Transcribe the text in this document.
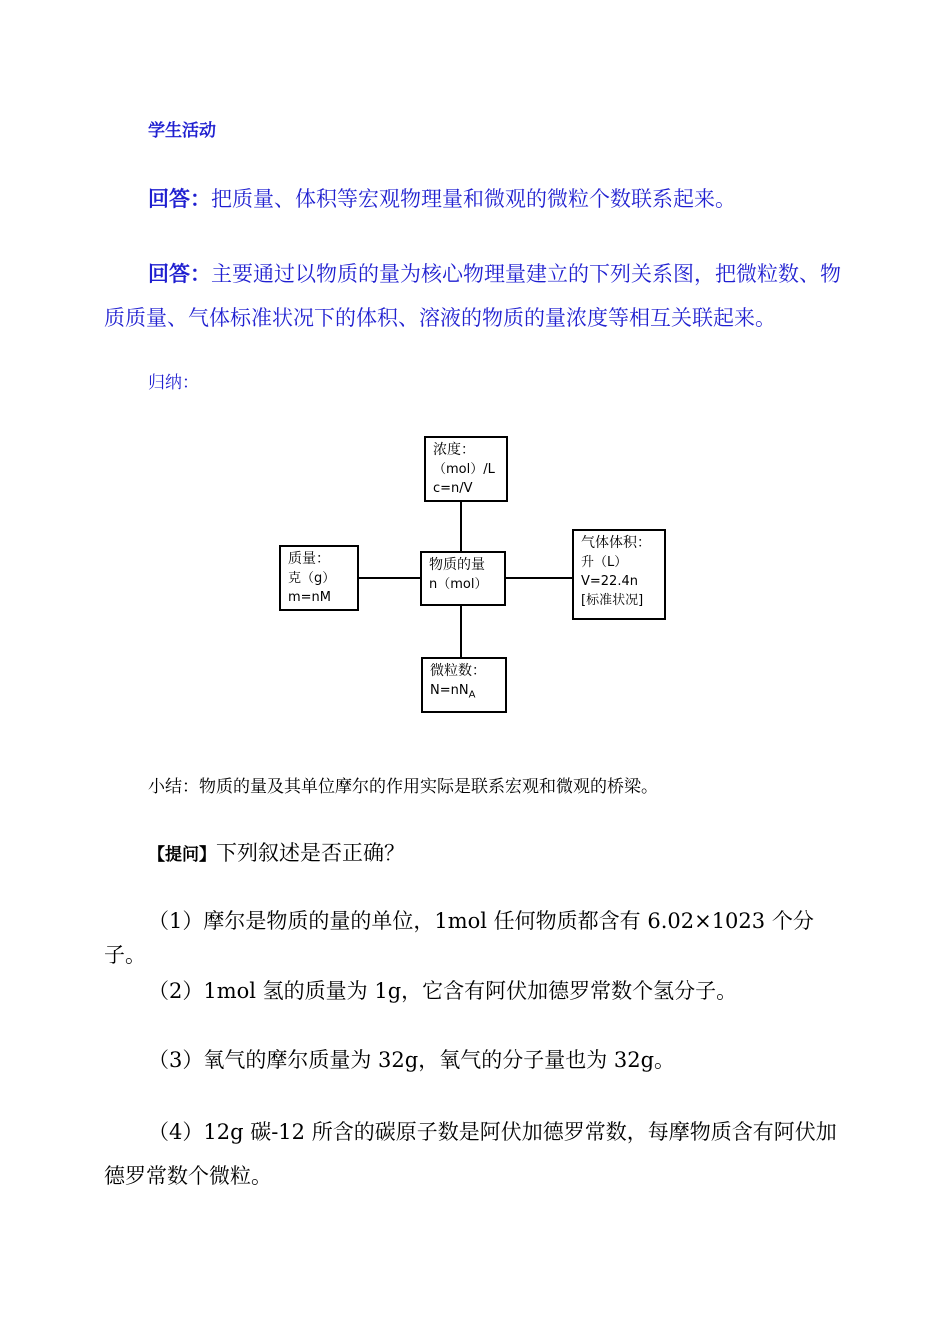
学生活动
回答：把质量、体积等宏观物理量和微观的微粒个数联系起来。
回答：主要通过以物质的量为核心物理量建立的下列关系图，把微粒数、物质质量、气体标准状况下的体积、溶液的物质的量浓度等相互关联起来。
归纳：
浓度：
（mol）/L
c=n/V
物质的量
n（mol）
质量：
克（g）
m=nM
气体体积：
升（L）
V=22.4n
[标准状况]
微粒数：
$N=nN_A$
小结：物质的量及其单位摩尔的作用实际是联系宏观和微观的桥梁。
【提问】下列叙述是否正确？
（1）摩尔是物质的量的单位，1mol 任何物质都含有 6.02×1023 个分子。
（2）1mol 氢的质量为 1g，它含有阿伏加德罗常数个氢分子。
（3）氧气的摩尔质量为 32g，氧气的分子量也为 32g。
（4）12g 碳-12 所含的碳原子数是阿伏加德罗常数，每摩物质含有阿伏加德罗常数个微粒。
